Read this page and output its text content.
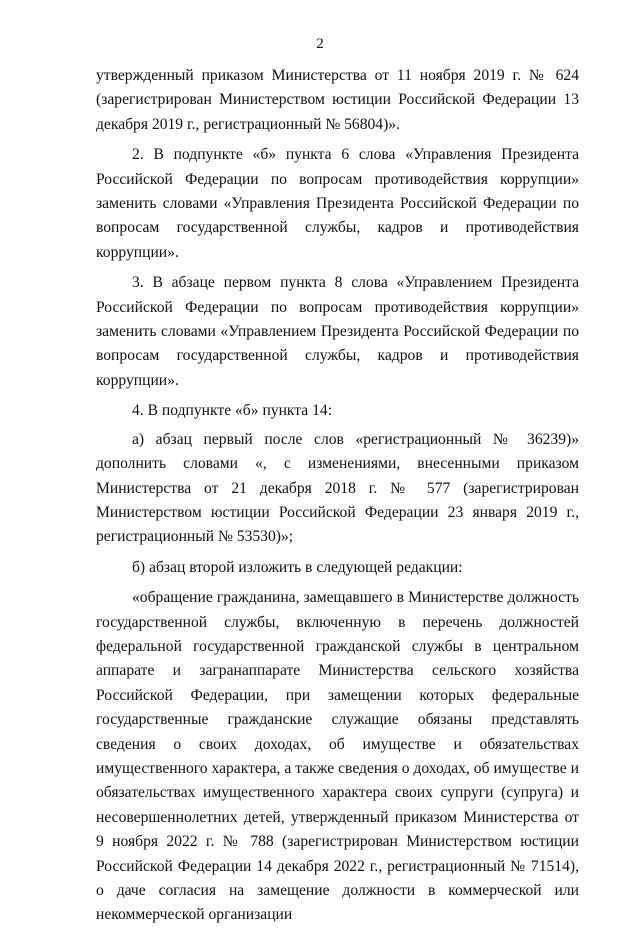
2

утвержденный приказом Министерства от 11 ноября 2019 г. № 624 (зарегистрирован Министерством юстиции Российской Федерации 13 декабря 2019 г., регистрационный № 56804)».

2. В подпункте «б» пункта 6 слова «Управления Президента Российской Федерации по вопросам противодействия коррупции» заменить словами «Управления Президента Российской Федерации по вопросам государственной службы, кадров и противодействия коррупции».

3. В абзаце первом пункта 8 слова «Управлением Президента Российской Федерации по вопросам противодействия коррупции» заменить словами «Управлением Президента Российской Федерации по вопросам государственной службы, кадров и противодействия коррупции».

4. В подпункте «б» пункта 14:

а) абзац первый после слов «регистрационный № 36239)» дополнить словами «, с изменениями, внесенными приказом Министерства от 21 декабря 2018 г. № 577 (зарегистрирован Министерством юстиции Российской Федерации 23 января 2019 г., регистрационный № 53530)»;

б) абзац второй изложить в следующей редакции:

«обращение гражданина, замещавшего в Министерстве должность государственной службы, включенную в перечень должностей федеральной государственной гражданской службы в центральном аппарате и загранаппарате Министерства сельского хозяйства Российской Федерации, при замещении которых федеральные государственные гражданские служащие обязаны представлять сведения о своих доходах, об имуществе и обязательствах имущественного характера, а также сведения о доходах, об имуществе и обязательствах имущественного характера своих супруги (супруга) и несовершеннолетних детей, утвержденный приказом Министерства от 9 ноября 2022 г. № 788 (зарегистрирован Министерством юстиции Российской Федерации 14 декабря 2022 г., регистрационный № 71514), о даче согласия на замещение должности в коммерческой или некоммерческой организации
